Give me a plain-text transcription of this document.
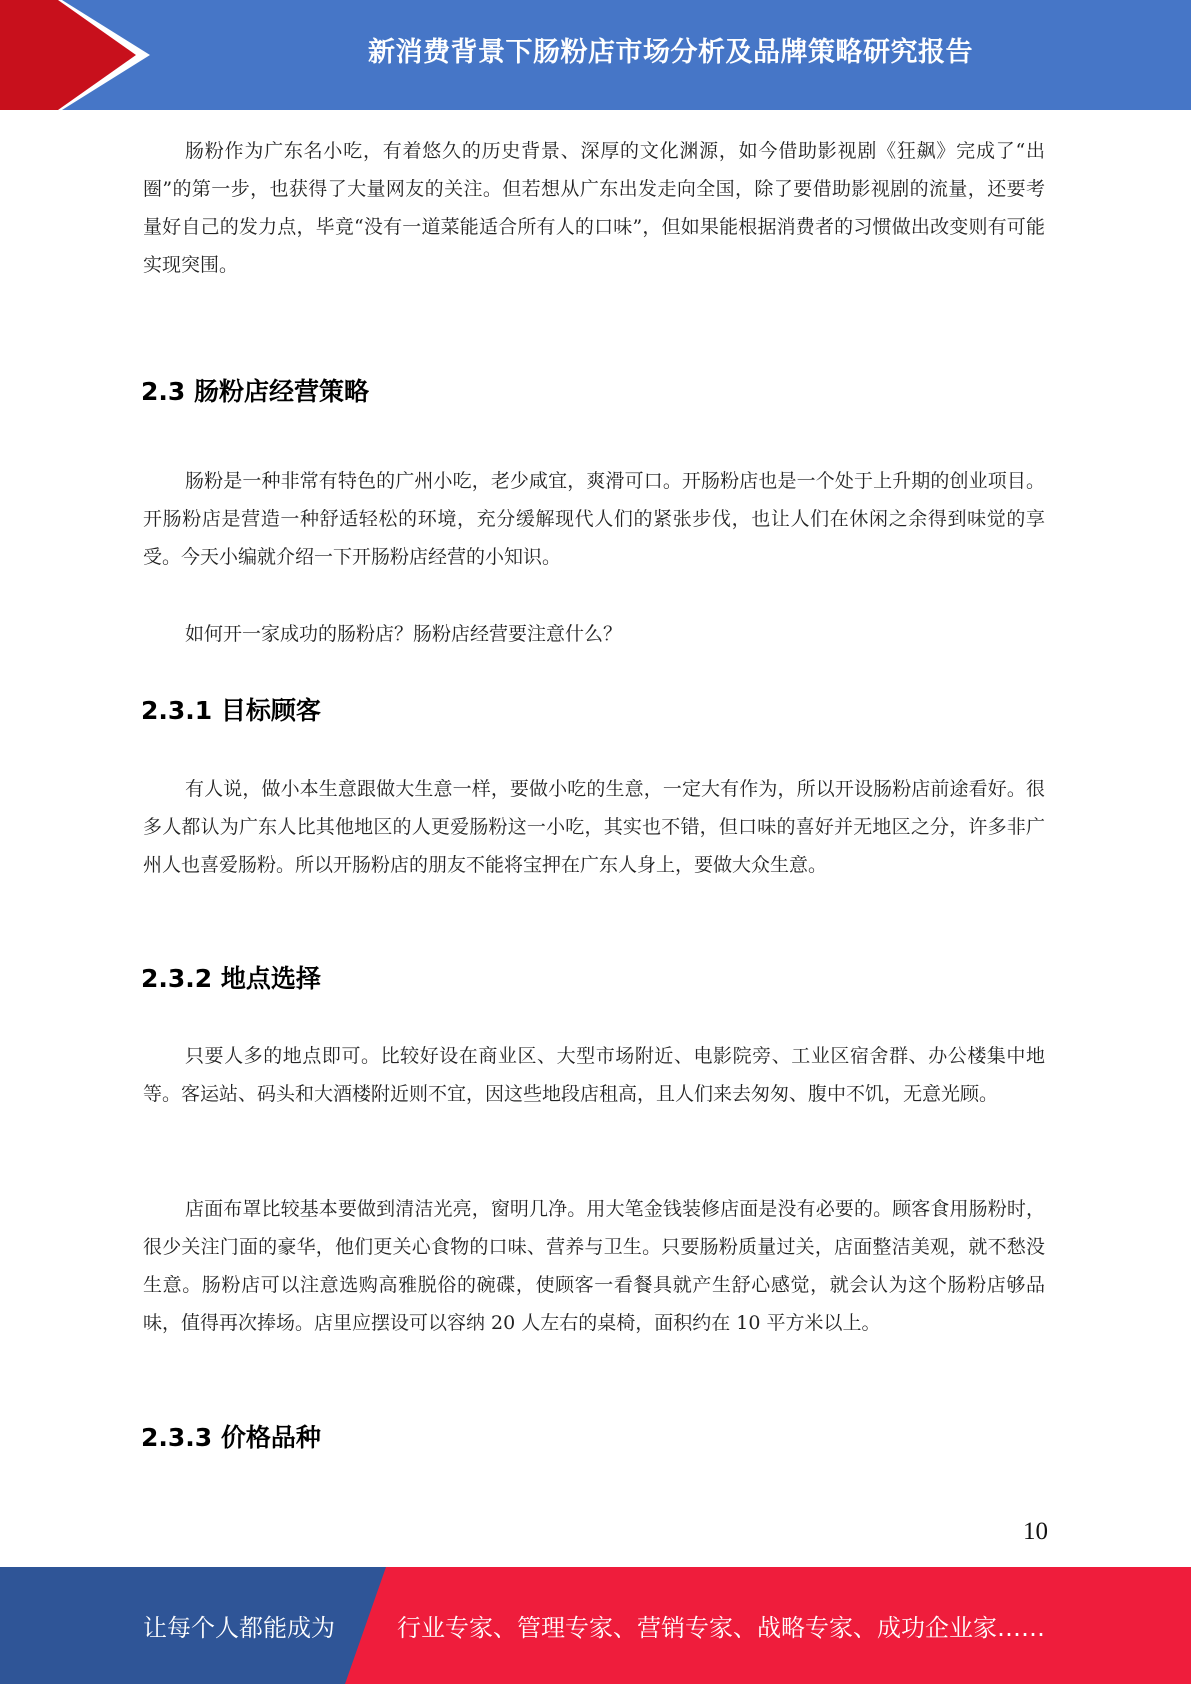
新消费背景下肠粉店市场分析及品牌策略研究报告

肠粉作为广东名小吃，有着悠久的历史背景、深厚的文化渊源，如今借助影视剧《狂飙》完成了“出圈”的第一步，也获得了大量网友的关注。但若想从广东出发走向全国，除了要借助影视剧的流量，还要考量好自己的发力点，毕竟“没有一道菜能适合所有人的口味”，但如果能根据消费者的习惯做出改变则有可能实现突围。

2.3 肠粉店经营策略

肠粉是一种非常有特色的广州小吃，老少咸宜，爽滑可口。开肠粉店也是一个处于上升期的创业项目。开肠粉店是营造一种舒适轻松的环境，充分缓解现代人们的紧张步伐，也让人们在休闲之余得到味觉的享受。今天小编就介绍一下开肠粉店经营的小知识。

如何开一家成功的肠粉店？肠粉店经营要注意什么？

2.3.1 目标顾客

有人说，做小本生意跟做大生意一样，要做小吃的生意，一定大有作为，所以开设肠粉店前途看好。很多人都认为广东人比其他地区的人更爱肠粉这一小吃，其实也不错，但口味的喜好并无地区之分，许多非广州人也喜爱肠粉。所以开肠粉店的朋友不能将宝押在广东人身上，要做大众生意。

2.3.2 地点选择

只要人多的地点即可。比较好设在商业区、大型市场附近、电影院旁、工业区宿舍群、办公楼集中地等。客运站、码头和大酒楼附近则不宜，因这些地段店租高，且人们来去匆匆、腹中不饥，无意光顾。

店面布罩比较基本要做到清洁光亮，窗明几净。用大笔金钱装修店面是没有必要的。顾客食用肠粉时，很少关注门面的豪华，他们更关心食物的口味、营养与卫生。只要肠粉质量过关，店面整洁美观，就不愁没生意。肠粉店可以注意选购高雅脱俗的碗碟，使顾客一看餐具就产生舒心感觉，就会认为这个肠粉店够品味，值得再次捧场。店里应摆设可以容纳 20 人左右的桌椅，面积约在 10 平方米以上。

2.3.3 价格品种
10
让每个人都能成为	行业专家、管理专家、营销专家、战略专家、成功企业家……
